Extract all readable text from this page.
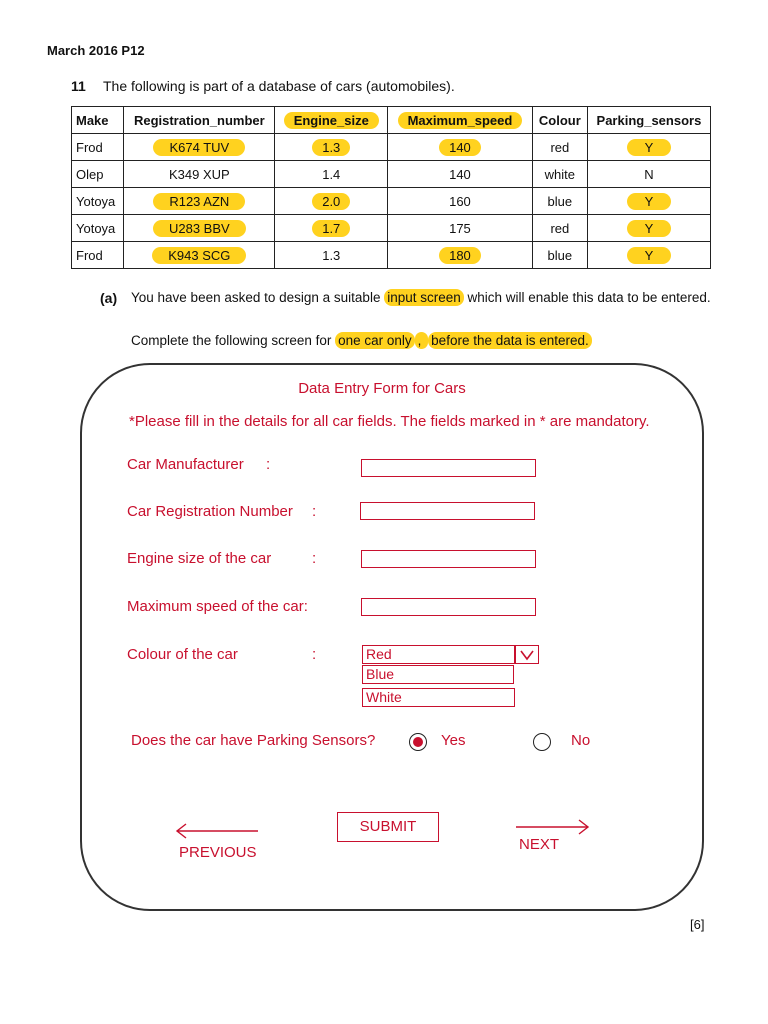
March 2016 P12
11 The following is part of a database of cars (automobiles).
Make	Registration_number	Engine_size	Maximum_speed	Colour	Parking_sensors
Frod	K674 TUV	1.3	140	red	Y
Olep	K349 XUP	1.4	140	white	N
Yotoya	R123 AZN	2.0	160	blue	Y
Yotoya	U283 BBV	1.7	175	red	Y
Frod	K943 SCG	1.3	180	blue	Y
(a) You have been asked to design a suitable input screen which will enable this data to be entered.
Complete the following screen for one car only , before the data is entered.
Data Entry Form for Cars
*Please fill in the details for all car fields. The fields marked in * are mandatory.
Car Manufacturer :
Car Registration Number :
Engine size of the car	:
Maximum speed of the car:
Colour of the car	:	Red
Blue
White
Does the car have Parking Sensors?	Yes	No
SUBMIT
PREVIOUS	NEXT
[6]
